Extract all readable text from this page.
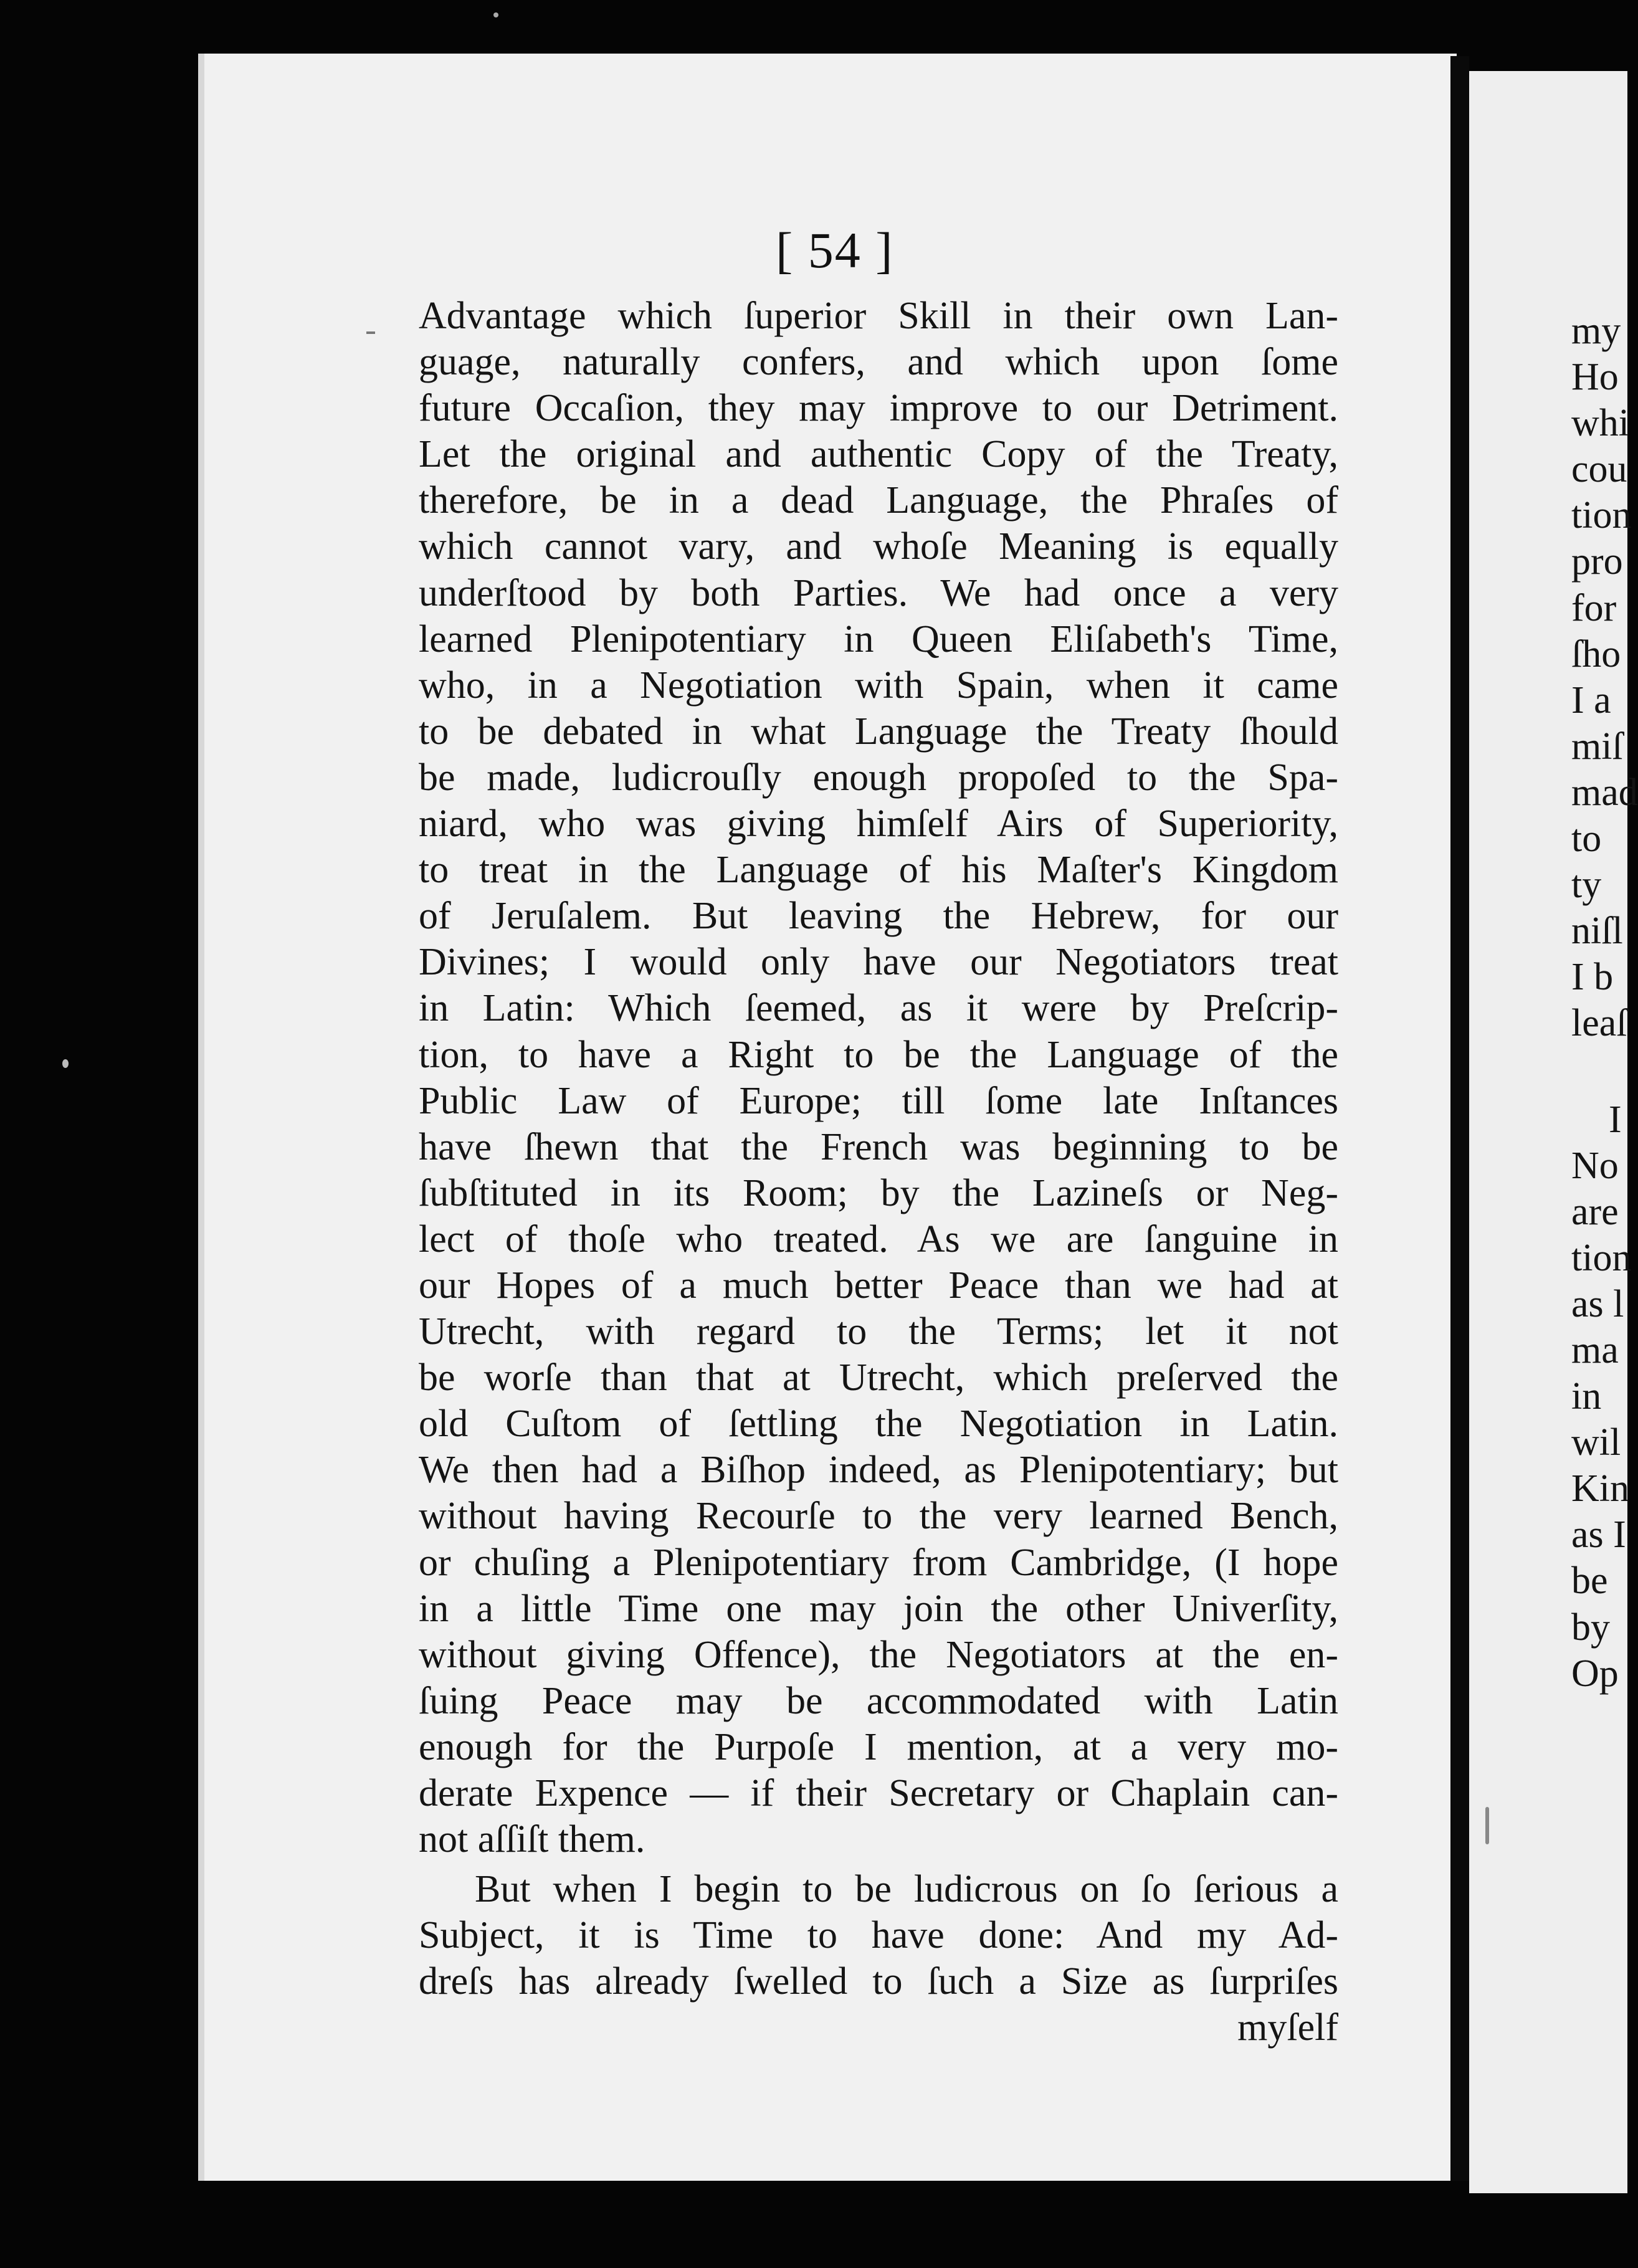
[ 54 ]
Advantage which ſuperior Skill in their own Lan-
guage, naturally confers, and which upon ſome
future Occaſion, they may improve to our Detriment.
Let the original and authentic Copy of the Treaty,
therefore, be in a dead Language, the Phraſes of
which cannot vary, and whoſe Meaning is equally
underſtood by both Parties. We had once a very
learned Plenipotentiary in Queen Eliſabeth's Time,
who, in a Negotiation with Spain, when it came
to be debated in what Language the Treaty ſhould
be made, ludicrouſly enough propoſed to the Spa-
niard, who was giving himſelf Airs of Superiority,
to treat in the Language of his Maſter's Kingdom
of Jeruſalem. But leaving the Hebrew, for our
Divines; I would only have our Negotiators treat
in Latin: Which ſeemed, as it were by Preſcrip-
tion, to have a Right to be the Language of the
Public Law of Europe; till ſome late Inſtances
have ſhewn that the French was beginning to be
ſubſtituted in its Room; by the Lazineſs or Neg-
lect of thoſe who treated. As we are ſanguine in
our Hopes of a much better Peace than we had at
Utrecht, with regard to the Terms; let it not
be worſe than that at Utrecht, which preſerved the
old Cuſtom of ſettling the Negotiation in Latin.
We then had a Biſhop indeed, as Plenipotentiary; but
without having Recourſe to the very learned Bench,
or chuſing a Plenipotentiary from Cambridge, (I hope
in a little Time one may join the other Univerſity,
without giving Offence), the Negotiators at the en-
ſuing Peace may be accommodated with Latin
enough for the Purpoſe I mention, at a very mo-
derate Expence — if their Secretary or Chaplain can-
not aſſiſt them.
But when I begin to be ludicrous on ſo ſerious a
Subject, it is Time to have done: And my Ad-
dreſs has already ſwelled to ſuch a Size as ſurpriſes
myſelf
my
Ho
whi
cou
tion
pro
for
ſho
I a
miſ
mad
to
ty
niſl
I b
leaſ
I
No
are
tion
as l
ma
in
wil
Kin
as I
be
by
Op
